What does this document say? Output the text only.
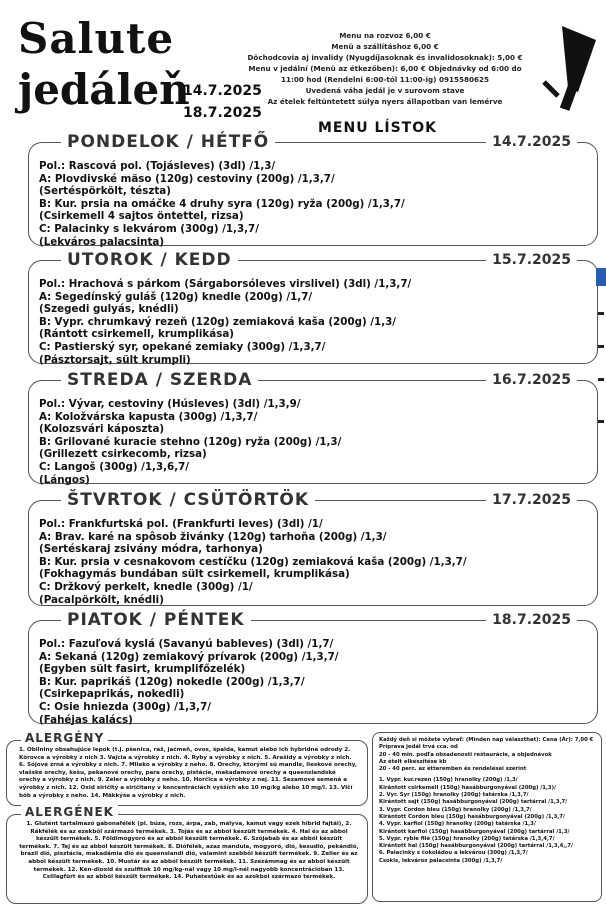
Salute
jedáleň
14.7.2025
18.7.2025
Menu na rozvoz 6,00 €
Menü a szállításhoz 6,00 €
Dôchodcovia aj invalidy (Nyugdíjasoknak és invalidosoknak): 5,00 €
Menu v jedální (Menü az étkezőben): 6,00 € Objednávky od 6:00 do
11:00 hod (Rendelni 6:00-tól 11:00-ig) 0915580625
Uvedená váha jedál je v surovom stave
Az ételek feltüntetett súlya nyers állapotban van lemérve
MENU LÍSTOK
PONDELOK / HÉTFŐ	14.7.2025
Pol.: Rascová pol. (Tojásleves) (3dl) /1,3/
A: Plovdivské mäso (120g) cestoviny (200g) /1,3,7/
(Sertéspörkölt, tészta)
B: Kur. prsia na omáčke 4 druhy syra (120g) ryža (200g) /1,3,7/
(Csirkemell 4 sajtos öntettel, rizsa)
C: Palacinky s lekvárom (300g) /1,3,7/
(Lekváros palacsinta)
UTOROK / KEDD	15.7.2025
Pol.: Hrachová s párkom (Sárgaborsóleves virslivel) (3dl) /1,3,7/
A: Segedínský guláš (120g) knedle (200g) /1,7/
(Szegedi gulyás, knédli)
B: Vypr. chrumkavý rezeň (120g) zemiaková kaša (200g) /1,3/
(Rántott csirkemell, krumplikása)
C: Pastierský syr, opekané zemiaky (300g) /1,3,7/
(Pásztorsajt, sült krumpli)
STREDA / SZERDA	16.7.2025
Pol.: Vývar, cestoviny (Húsleves) (3dl) /1,3,9/
A: Koložvárska kapusta (300g) /1,3,7/
(Kolozsvári káposzta)
B: Grilované kuracie stehno (120g) ryža (200g) /1,3/
(Grillezett csirkecomb, rizsa)
C: Langoš (300g) /1,3,6,7/
(Lángos)
ŠTVRTOK / CSÜTÖRTÖK	17.7.2025
Pol.: Frankfurtská pol. (Frankfurti leves) (3dl) /1/
A: Brav. karé na spôsob živánky (120g) tarhoňa (200g) /1,3/
(Sertéskaraj zsivány módra, tarhonya)
B: Kur. prsia v cesnakovom cestíčku (120g) zemiaková kaša (200g) /1,3,7/
(Fokhagymás bundában sült csirkemell, krumplikása)
C: Držkový perkelt, knedle (300g) /1/
(Pacalpörkölt, knédli)
PIATOK / PÉNTEK	18.7.2025
Pol.: Fazuľová kyslá (Savanyú bableves) (3dl) /1,7/
A: Sekaná (120g) zemiakový prívarok (200g) /1,3,7/
(Egyben sült fasirt, krumplifőzelék)
B: Kur. paprikáš (120g) nokedle (200g) /1,3,7/
(Csirkepaprikás, nokedli)
C: Osie hniezda (300g) /1,3,7/
(Fahéjas kalács)
ALERGÉNY
1. Obilniny obsahujúce lepok (t.j. pšenica, raž, jačmeň, ovos, špalda, kamut alebo ich hybridné odrody 2. Kôrovce a výrobky z nich 3. Vajcia a výrobky z nich. 4. Ryby a výrobky z nich. 5. Arašidy a výrobky z nich. 6. Sójové zrná a výrobky z nich. 7. Mlieko a výrobky z neho. 8. Orechy, ktorými sú mandle, lieskové orechy, vlašské orechy, kešu, pekanové orechy, para orechy, pistácie, makadamové orechy a queenslandské orechy a výrobky z nich. 9. Zeler a výrobky z neho. 10. Horčica a výrobky z nej. 11. Sezamové semená a výrobky z nich. 12. Oxid siričitý a siričitany v koncentráciách vyšších ako 10 mg/kg alebo 10 mg/l. 13. Vlčí bôb a výrobky z neho. 14. Mäkkýše a výrobky z nich.
ALERGÉNEK
1. Glutént tartalmazó gabonafélék (pl. búza, rozs, árpa, zab, mályva, kamut vagy ezek hibrid fajtái), 2. Rákfélék és az ezekből származó termékek. 3. Tojás és az abból készült termékek. 4. Hal és az abból készült termékek. 5. Földimogyoró és az abból készült termékek. 6. Szójabab és az abból készült termékek. 7. Tej és az abból készült termékek. 8. Diófélék, azaz mandula, mogyoró, dió, kesudió, pekándió, brazil dió, pisztácia, makadámia dió és queenslandi dió, valamint szebből készült termékek. 9. Zeller és az abból készült termékek. 10. Mustár és az abból készült termékek. 11. Szezámmag és az abból készült termékek. 12. Kén-dioxid és szulfitok 10 mg/kg-nál vagy 10 mg/l-nél nagyobb koncentrációban 13. Csillagfürt és az abból készült termékek. 14. Puhatestűek és az azokból származó termékek.
Každý deň si môžete vybrať: (Minden nap választhat): Cena (Ár): 7,00 €
Príprava jedál trvá cca. od
20 - 40 min. podľa obsadenosti reštaurácie, a objednávok
Az ételt elkészítése kb
20 - 40 perc. az étteremben és rendelései szerint
1. Vypr. kur.rezen (150g) hranolky (200g) /1,3/
Kirántott csirkemell (150g) hasábburgonyával (200g) /1,3)/
2. Vyr. Syr (150g) hranolky (200g) tatárska /1,3,7/
Kirántott sajt (150g) hasábburgonyával (200g) tartárral /1,3,7/
3. Vypr. Cordon bleu (150g) hranolky (200g) /1,3,7/
Kirántott Cordon bleu (150g) hasábburgonyával (200g) /1,3,7/
4. Vypr. karfiol (150g) hranolky (200g) tatárska /1,3/
Kirántott karfiol (150g) hasábburgonyával (200g) tartárral /1,3/
5. Vypr. rybie filé (150g) hranolky (200g) tatárska /1,3,4,7/
Kirántott hal (150g) hasábburgonyával (200g) tartárral /1,3,4,,7/
6. Palacinky s čokoládou a lekvárou (300g) /1,3,7/
Csokis, lekváros palacsinta (300g) /1,3,7/
